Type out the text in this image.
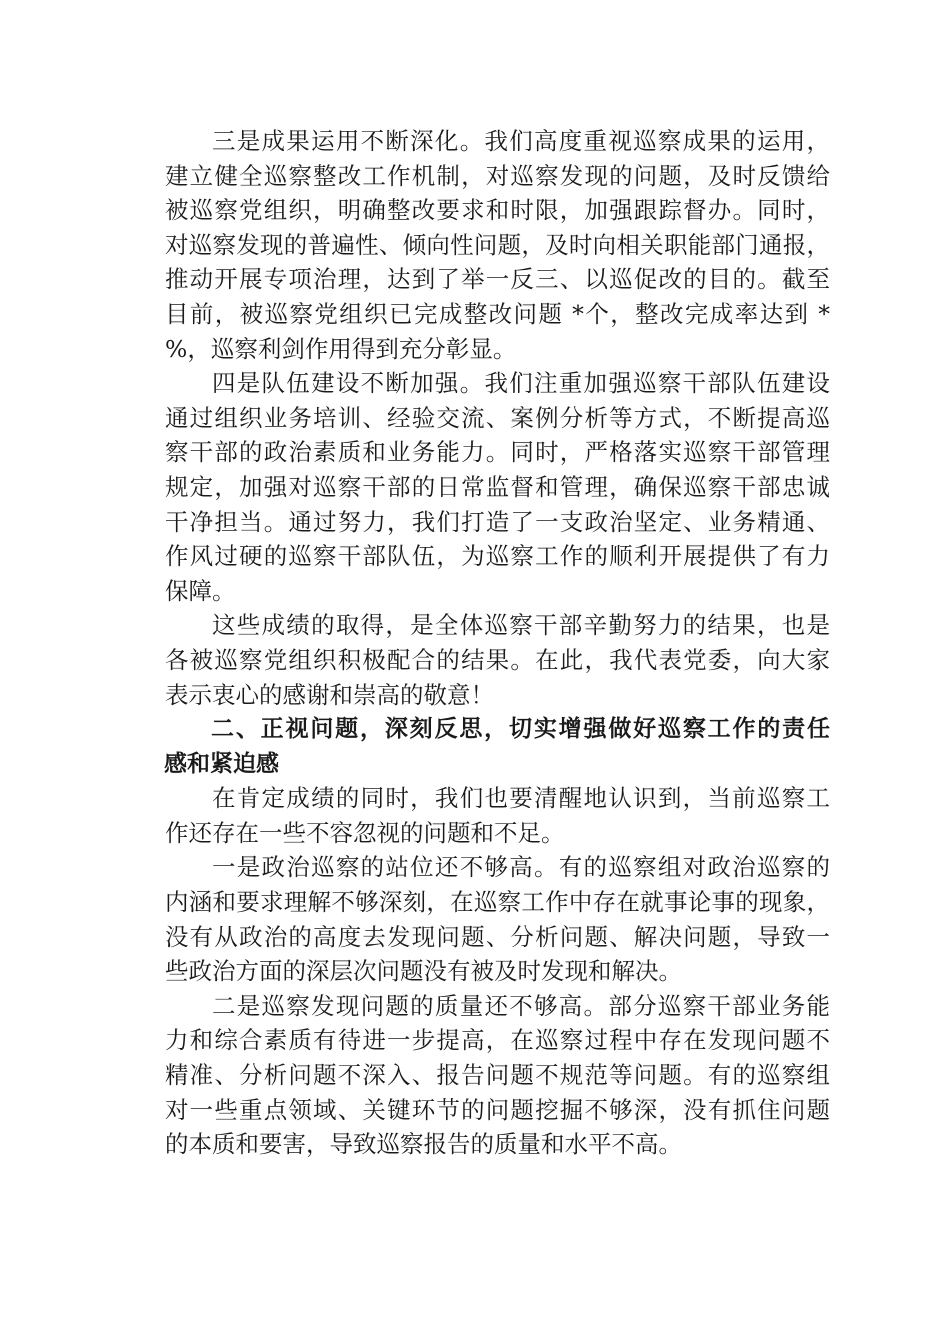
三是成果运用不断深化。我们高度重视巡察成果的运用，
建立健全巡察整改工作机制，对巡察发现的问题，及时反馈给
被巡察党组织，明确整改要求和时限，加强跟踪督办。同时，
对巡察发现的普遍性、倾向性问题，及时向相关职能部门通报，
推动开展专项治理，达到了举一反三、以巡促改的目的。截至
目前，被巡察党组织已完成整改问题 *个，整改完成率达到 *
%，巡察利剑作用得到充分彰显。
四是队伍建设不断加强。我们注重加强巡察干部队伍建设
通过组织业务培训、经验交流、案例分析等方式，不断提高巡
察干部的政治素质和业务能力。同时，严格落实巡察干部管理
规定，加强对巡察干部的日常监督和管理，确保巡察干部忠诚
干净担当。通过努力，我们打造了一支政治坚定、业务精通、
作风过硬的巡察干部队伍，为巡察工作的顺利开展提供了有力
保障。
这些成绩的取得，是全体巡察干部辛勤努力的结果，也是
各被巡察党组织积极配合的结果。在此，我代表党委，向大家
表示衷心的感谢和崇高的敬意！
二、正视问题，深刻反思，切实增强做好巡察工作的责任
感和紧迫感
在肯定成绩的同时，我们也要清醒地认识到，当前巡察工
作还存在一些不容忽视的问题和不足。
一是政治巡察的站位还不够高。有的巡察组对政治巡察的
内涵和要求理解不够深刻，在巡察工作中存在就事论事的现象，
没有从政治的高度去发现问题、分析问题、解决问题，导致一
些政治方面的深层次问题没有被及时发现和解决。
二是巡察发现问题的质量还不够高。部分巡察干部业务能
力和综合素质有待进一步提高，在巡察过程中存在发现问题不
精准、分析问题不深入、报告问题不规范等问题。有的巡察组
对一些重点领域、关键环节的问题挖掘不够深，没有抓住问题
的本质和要害，导致巡察报告的质量和水平不高。
